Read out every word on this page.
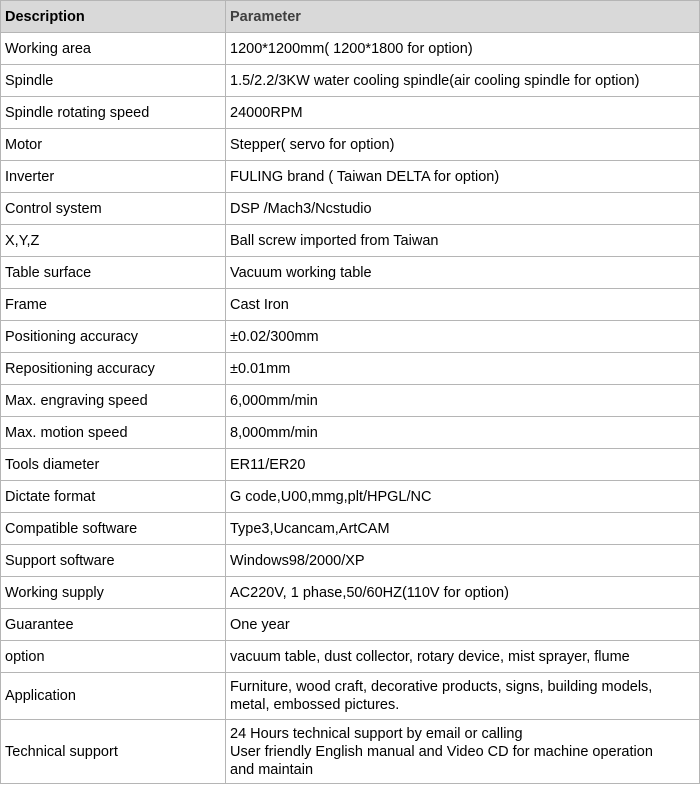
Description	Parameter
Working area	1200*1200mm( 1200*1800 for option)

Spindle	1.5/2.2/3KW water cooling spindle(air cooling spindle for option)

Spindle rotating speed	24000RPM

Motor	Stepper( servo for option)

Inverter	FULING brand ( Taiwan DELTA for option)

Control system	DSP /Mach3/Ncstudio

X,Y,Z	Ball screw imported from Taiwan

Table surface	Vacuum working table

Frame	Cast Iron

Positioning accuracy	±0.02/300mm

Repositioning accuracy	±0.01mm

Max. engraving speed	6,000mm/min

Max. motion speed	8,000mm/min

Tools diameter	ER11/ER20

Dictate format	G code,U00,mmg,plt/HPGL/NC

Compatible software	Type3,Ucancam,ArtCAM

Support software	Windows98/2000/XP

Working supply	AC220V, 1 phase,50/60HZ(110V for option)

Guarantee	One year

option	vacuum table, dust collector, rotary device, mist sprayer, flume

Application	Furniture, wood craft, decorative products, signs, building models,
metal, embossed pictures.

Technical support	24 Hours technical support by email or calling
User friendly English manual and Video CD for machine operation
and maintain
